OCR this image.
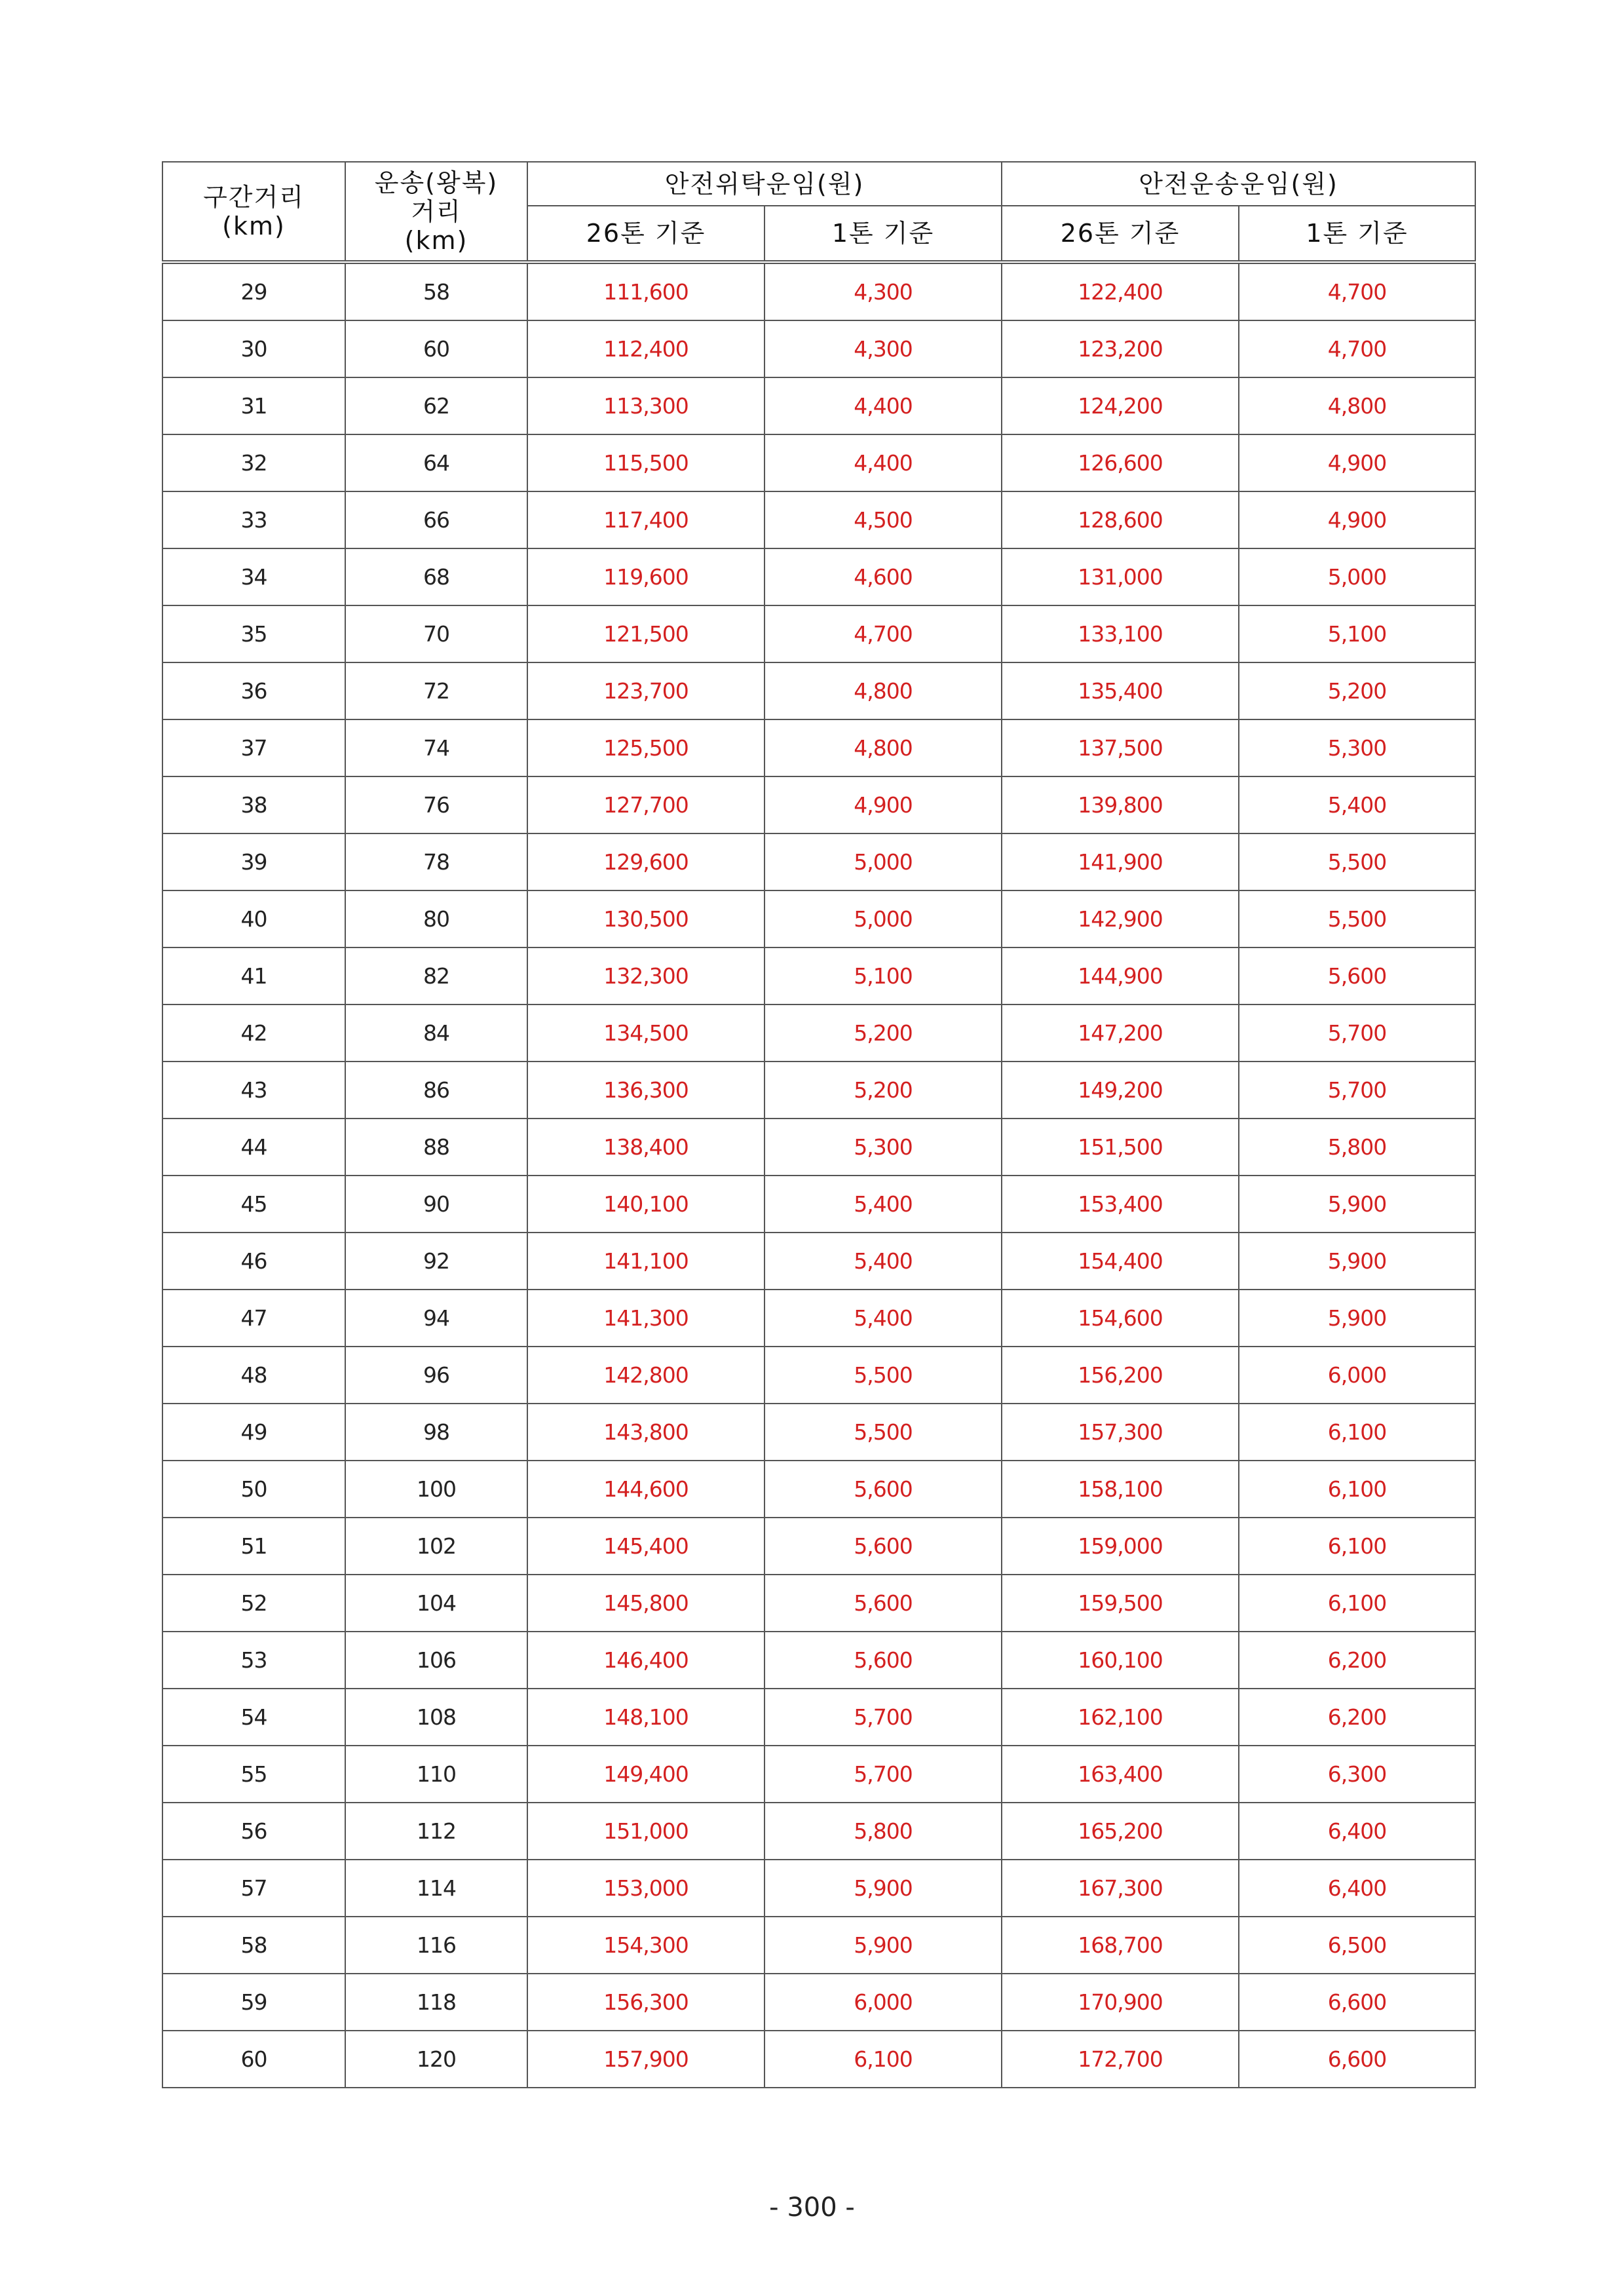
구간거리
(km)	운송(왕복)
거리
(km)	안전위탁운임(원)		안전운송운임(원)	
		26톤 기준	1톤 기준	26톤 기준	1톤 기준
29	58	111,600	4,300	122,400	4,700
30	60	112,400	4,300	123,200	4,700
31	62	113,300	4,400	124,200	4,800
32	64	115,500	4,400	126,600	4,900
33	66	117,400	4,500	128,600	4,900
34	68	119,600	4,600	131,000	5,000
35	70	121,500	4,700	133,100	5,100
36	72	123,700	4,800	135,400	5,200
37	74	125,500	4,800	137,500	5,300
38	76	127,700	4,900	139,800	5,400
39	78	129,600	5,000	141,900	5,500
40	80	130,500	5,000	142,900	5,500
41	82	132,300	5,100	144,900	5,600
42	84	134,500	5,200	147,200	5,700
43	86	136,300	5,200	149,200	5,700
44	88	138,400	5,300	151,500	5,800
45	90	140,100	5,400	153,400	5,900
46	92	141,100	5,400	154,400	5,900
47	94	141,300	5,400	154,600	5,900
48	96	142,800	5,500	156,200	6,000
49	98	143,800	5,500	157,300	6,100
50	100	144,600	5,600	158,100	6,100
51	102	145,400	5,600	159,000	6,100
52	104	145,800	5,600	159,500	6,100
53	106	146,400	5,600	160,100	6,200
54	108	148,100	5,700	162,100	6,200
55	110	149,400	5,700	163,400	6,300
56	112	151,000	5,800	165,200	6,400
57	114	153,000	5,900	167,300	6,400
58	116	154,300	5,900	168,700	6,500
59	118	156,300	6,000	170,900	6,600
60	120	157,900	6,100	172,700	6,600
- 300 -
